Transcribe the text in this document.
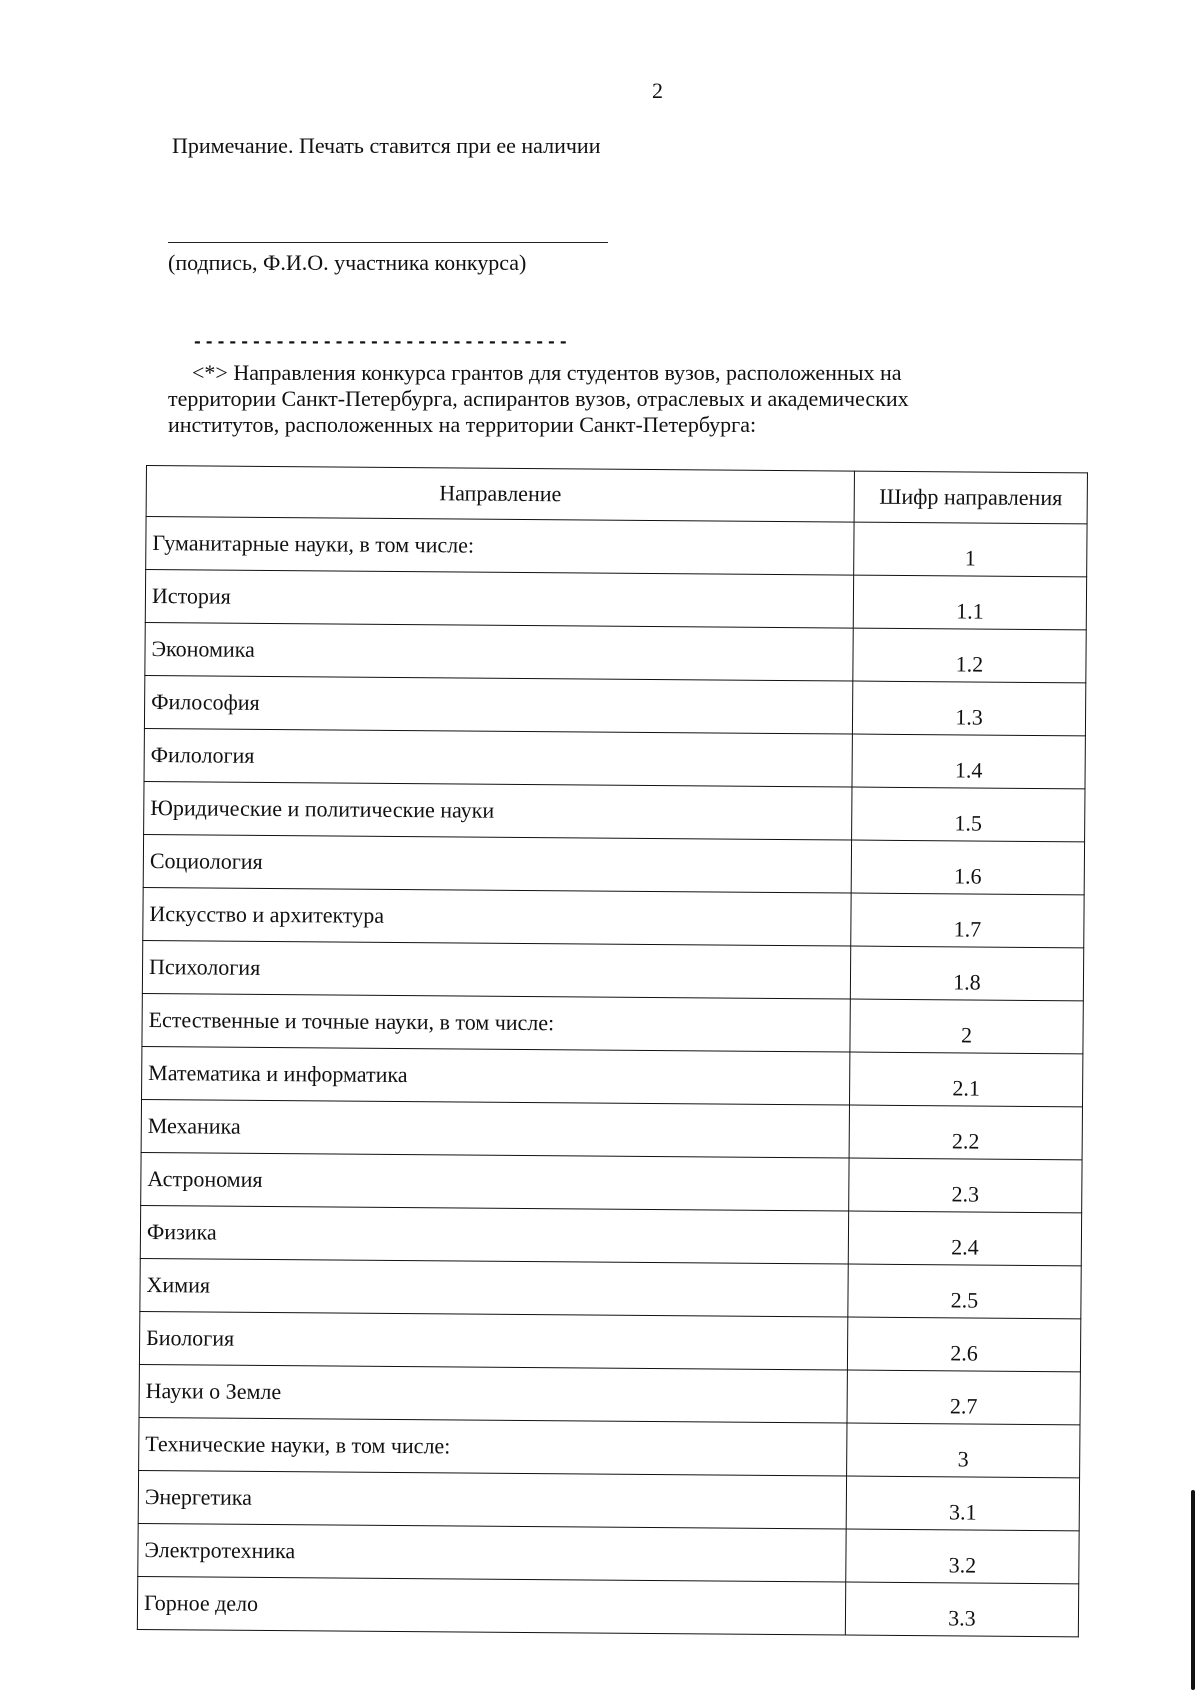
2
Примечание. Печать ставится при ее наличии
(подпись, Ф.И.О. участника конкурса)
--------------------------------
<*> Направления конкурса грантов для студентов вузов, расположенных на территории Санкт-Петербурга, аспирантов вузов, отраслевых и академических институтов, расположенных на территории Санкт-Петербурга:
Направление	Шифр направления
Гуманитарные науки, в том числе:	1
История	1.1
Экономика	1.2
Философия	1.3
Филология	1.4
Юридические и политические науки	1.5
Социология	1.6
Искусство и архитектура	1.7
Психология	1.8
Естественные и точные науки, в том числе:	2
Математика и информатика	2.1
Механика	2.2
Астрономия	2.3
Физика	2.4
Химия	2.5
Биология	2.6
Науки о Земле	2.7
Технические науки, в том числе:	3
Энергетика	3.1
Электротехника	3.2
Горное дело	3.3
